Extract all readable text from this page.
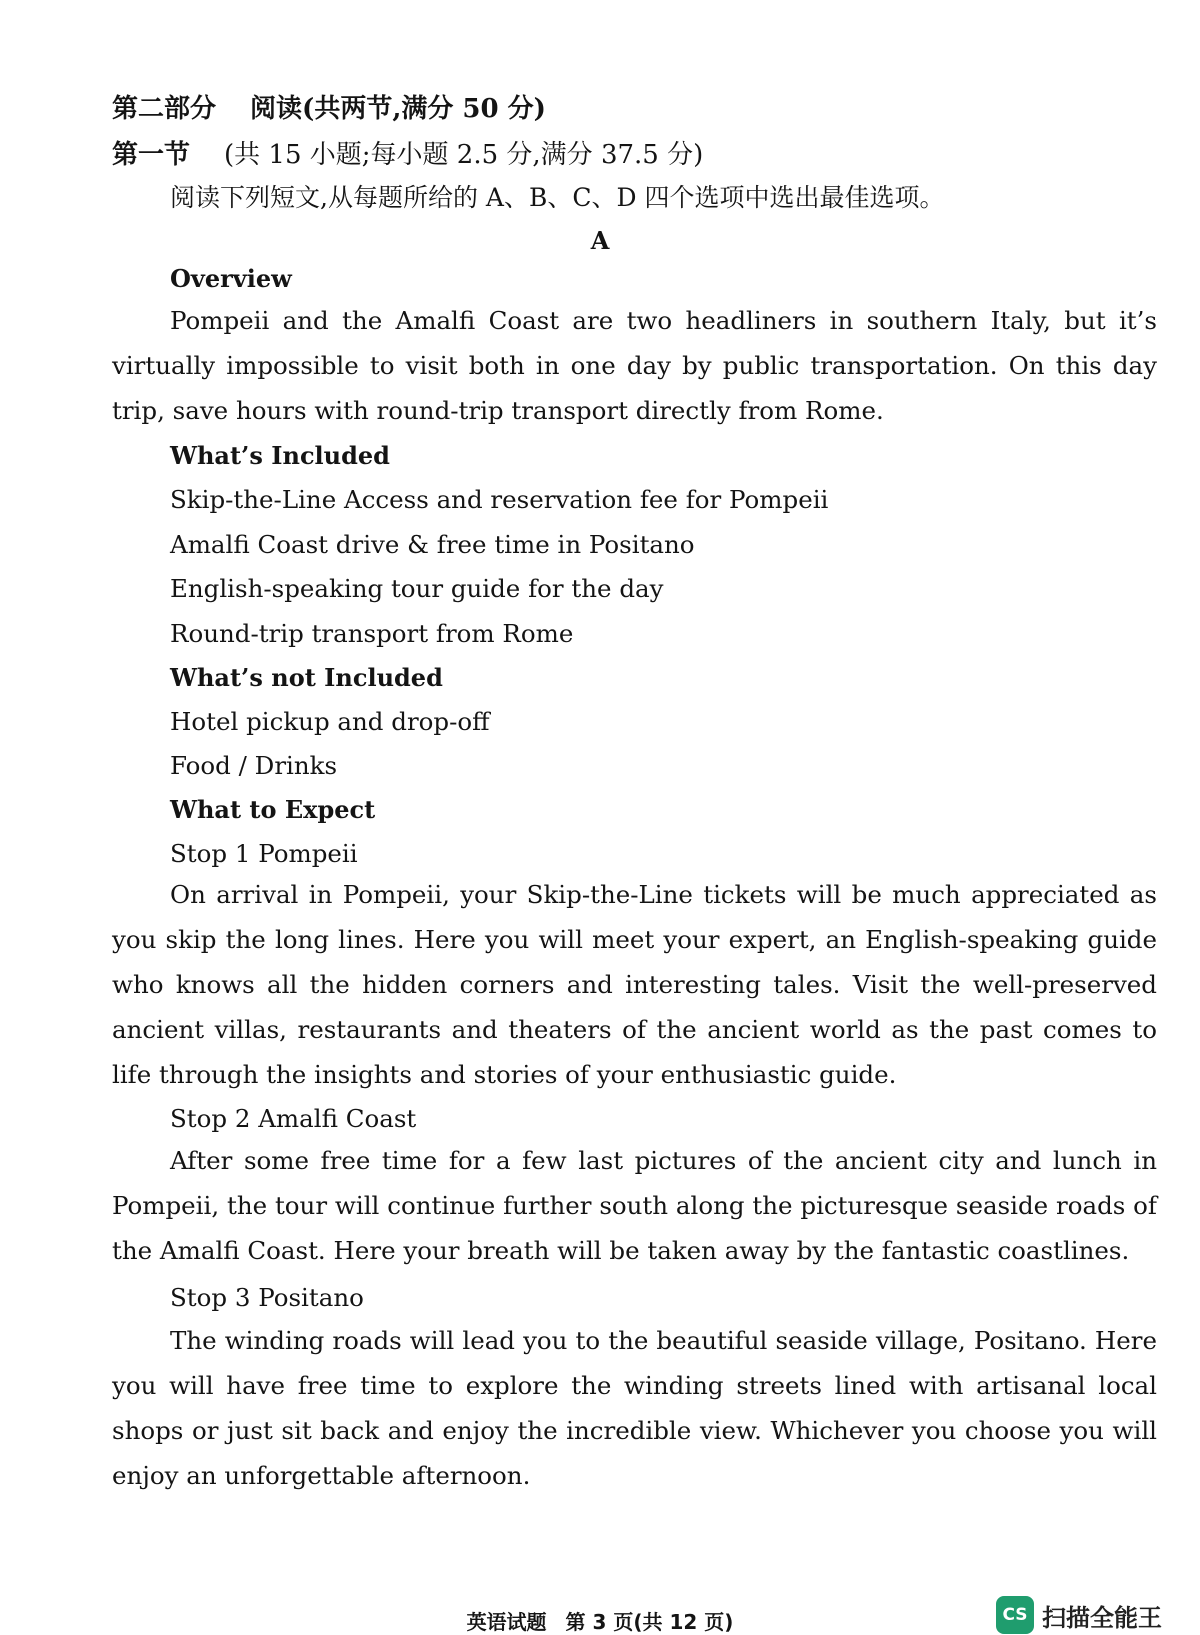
第二部分 阅读(共两节,满分 50 分)
第一节 (共 15 小题;每小题 2.5 分,满分 37.5 分)
阅读下列短文,从每题所给的 A、B、C、D 四个选项中选出最佳选项。
A
Overview
Pompeii and the Amalfi Coast are two headliners in southern Italy, but it’s virtually impossible to visit both in one day by public transportation. On this day trip, save hours with round-trip transport directly from Rome.
What’s Included
Skip-the-Line Access and reservation fee for Pompeii
Amalfi Coast drive & free time in Positano
English-speaking tour guide for the day
Round-trip transport from Rome
What’s not Included
Hotel pickup and drop-off
Food / Drinks
What to Expect
Stop 1 Pompeii
On arrival in Pompeii, your Skip-the-Line tickets will be much appreciated as you skip the long lines. Here you will meet your expert, an English-speaking guide who knows all the hidden corners and interesting tales. Visit the well-preserved ancient villas, restaurants and theaters of the ancient world as the past comes to life through the insights and stories of your enthusiastic guide.
Stop 2 Amalfi Coast
After some free time for a few last pictures of the ancient city and lunch in Pompeii, the tour will continue further south along the picturesque seaside roads of the Amalfi Coast. Here your breath will be taken away by the fantastic coastlines.
Stop 3 Positano
The winding roads will lead you to the beautiful seaside village, Positano. Here you will have free time to explore the winding streets lined with artisanal local shops or just sit back and enjoy the incredible view. Whichever you choose you will enjoy an unforgettable afternoon.
英语试题 第 3 页(共 12 页)	CS 扫描全能王
